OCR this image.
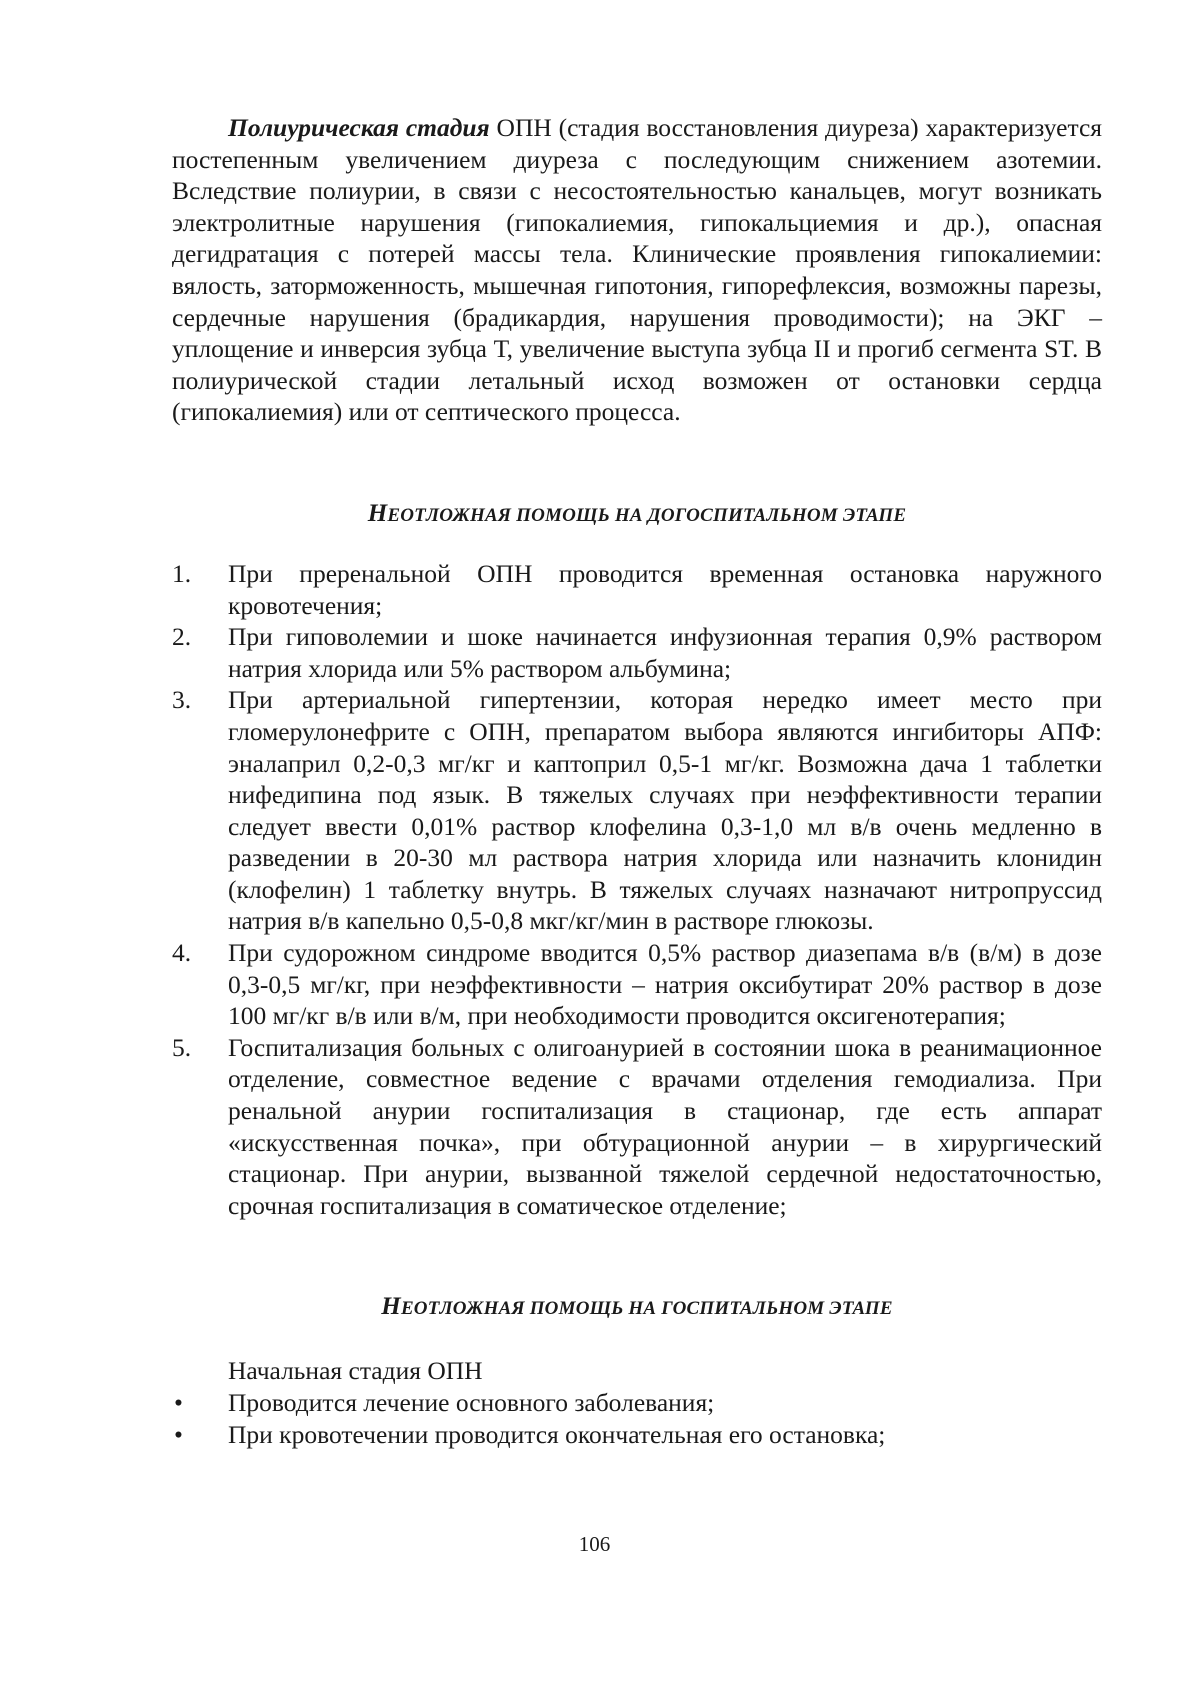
Полиурическая стадия ОПН (стадия восстановления диуреза) характеризуется постепенным увеличением диуреза с последующим снижением азотемии. Вследствие полиурии, в связи с несостоятельностью канальцев, могут возникать электролитные нарушения (гипокалиемия, гипокальциемия и др.), опасная дегидратация с потерей массы тела. Клинические проявления гипокалиемии: вялость, заторможенность, мышечная гипотония, гипорефлексия, возможны парезы, сердечные нарушения (брадикардия, нарушения проводимости); на ЭКГ – уплощение и инверсия зубца Т, увеличение выступа зубца II и прогиб сегмента ST. В полиурической стадии летальный исход возможен от остановки сердца (гипокалиемия) или от септического процесса.

НЕОТЛОЖНАЯ ПОМОЩЬ НА ДОГОСПИТАЛЬНОМ ЭТАПЕ
1. При преренальной ОПН проводится временная остановка наружного кровотечения;
2. При гиповолемии и шоке начинается инфузионная терапия 0,9% раствором натрия хлорида или 5% раствором альбумина;
3. При артериальной гипертензии, которая нередко имеет место при гломерулонефрите с ОПН, препаратом выбора являются ингибиторы АПФ: эналаприл 0,2-0,3 мг/кг и каптоприл 0,5-1 мг/кг. Возможна дача 1 таблетки нифедипина под язык. В тяжелых случаях при неэффективности терапии следует ввести 0,01% раствор клофелина 0,3-1,0 мл в/в очень медленно в разведении в 20-30 мл раствора натрия хлорида или назначить клонидин (клофелин) 1 таблетку внутрь. В тяжелых случаях назначают нитропруссид натрия в/в капельно 0,5-0,8 мкг/кг/мин в растворе глюкозы.
4. При судорожном синдроме вводится 0,5% раствор диазепама в/в (в/м) в дозе 0,3-0,5 мг/кг, при неэффективности – натрия оксибутират 20% раствор в дозе 100 мг/кг в/в или в/м, при необходимости проводится оксигенотерапия;
5. Госпитализация больных с олигоанурией в состоянии шока в реанимационное отделение, совместное ведение с врачами отделения гемодиализа. При ренальной анурии госпитализация в стационар, где есть аппарат «искусственная почка», при обтурационной анурии – в хирургический стационар. При анурии, вызванной тяжелой сердечной недостаточностью, срочная госпитализация в соматическое отделение;
НЕОТЛОЖНАЯ ПОМОЩЬ НА ГОСПИТАЛЬНОМ ЭТАПЕ
Начальная стадия ОПН
• Проводится лечение основного заболевания;
• При кровотечении проводится окончательная его остановка;
106
